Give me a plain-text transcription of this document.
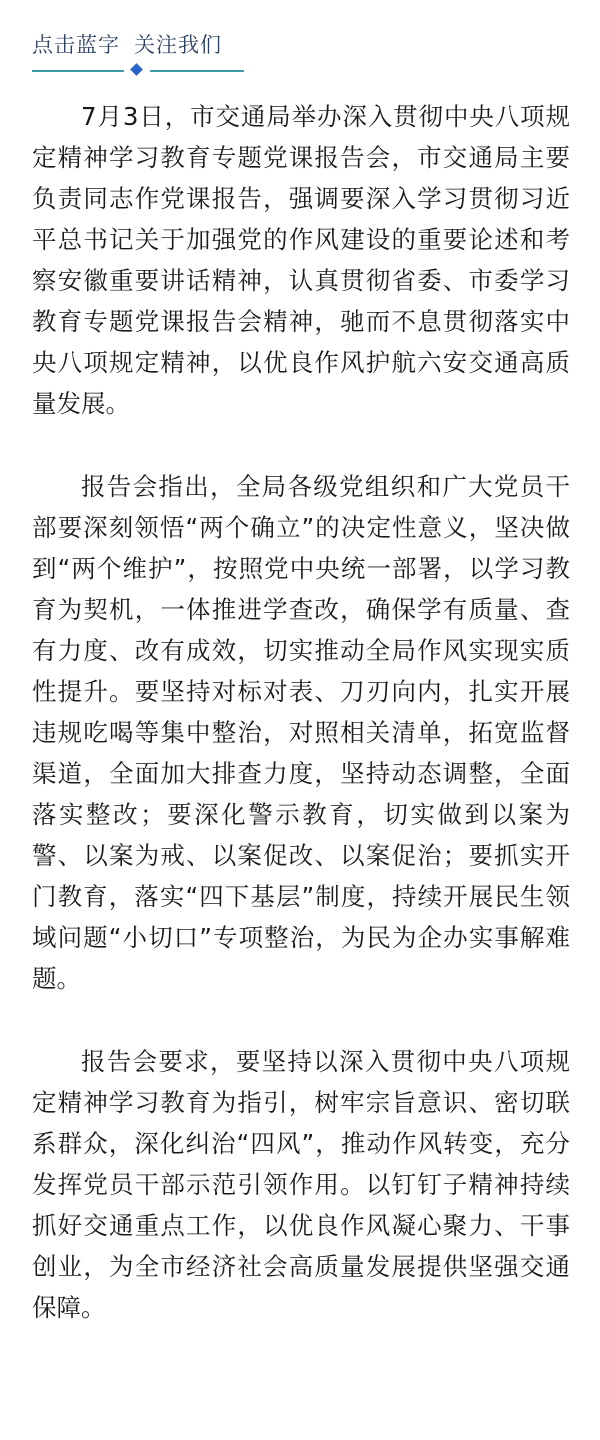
点击蓝字 关注我们

7月3日，市交通局举办深入贯彻中央八项规定精神学习教育专题党课报告会，市交通局主要负责同志作党课报告，强调要深入学习贯彻习近平总书记关于加强党的作风建设的重要论述和考察安徽重要讲话精神，认真贯彻省委、市委学习教育专题党课报告会精神，驰而不息贯彻落实中央八项规定精神，以优良作风护航六安交通高质量发展。

报告会指出，全局各级党组织和广大党员干部要深刻领悟“两个确立”的决定性意义，坚决做到“两个维护”，按照党中央统一部署，以学习教育为契机，一体推进学查改，确保学有质量、查有力度、改有成效，切实推动全局作风实现实质性提升。要坚持对标对表、刀刃向内，扎实开展违规吃喝等集中整治，对照相关清单，拓宽监督渠道，全面加大排查力度，坚持动态调整，全面落实整改；要深化警示教育，切实做到以案为警、以案为戒、以案促改、以案促治；要抓实开门教育，落实“四下基层”制度，持续开展民生领域问题“小切口”专项整治，为民为企办实事解难题。

报告会要求，要坚持以深入贯彻中央八项规定精神学习教育为指引，树牢宗旨意识、密切联系群众，深化纠治“四风”，推动作风转变，充分发挥党员干部示范引领作用。以钉钉子精神持续抓好交通重点工作，以优良作风凝心聚力、干事创业，为全市经济社会高质量发展提供坚强交通保障。
